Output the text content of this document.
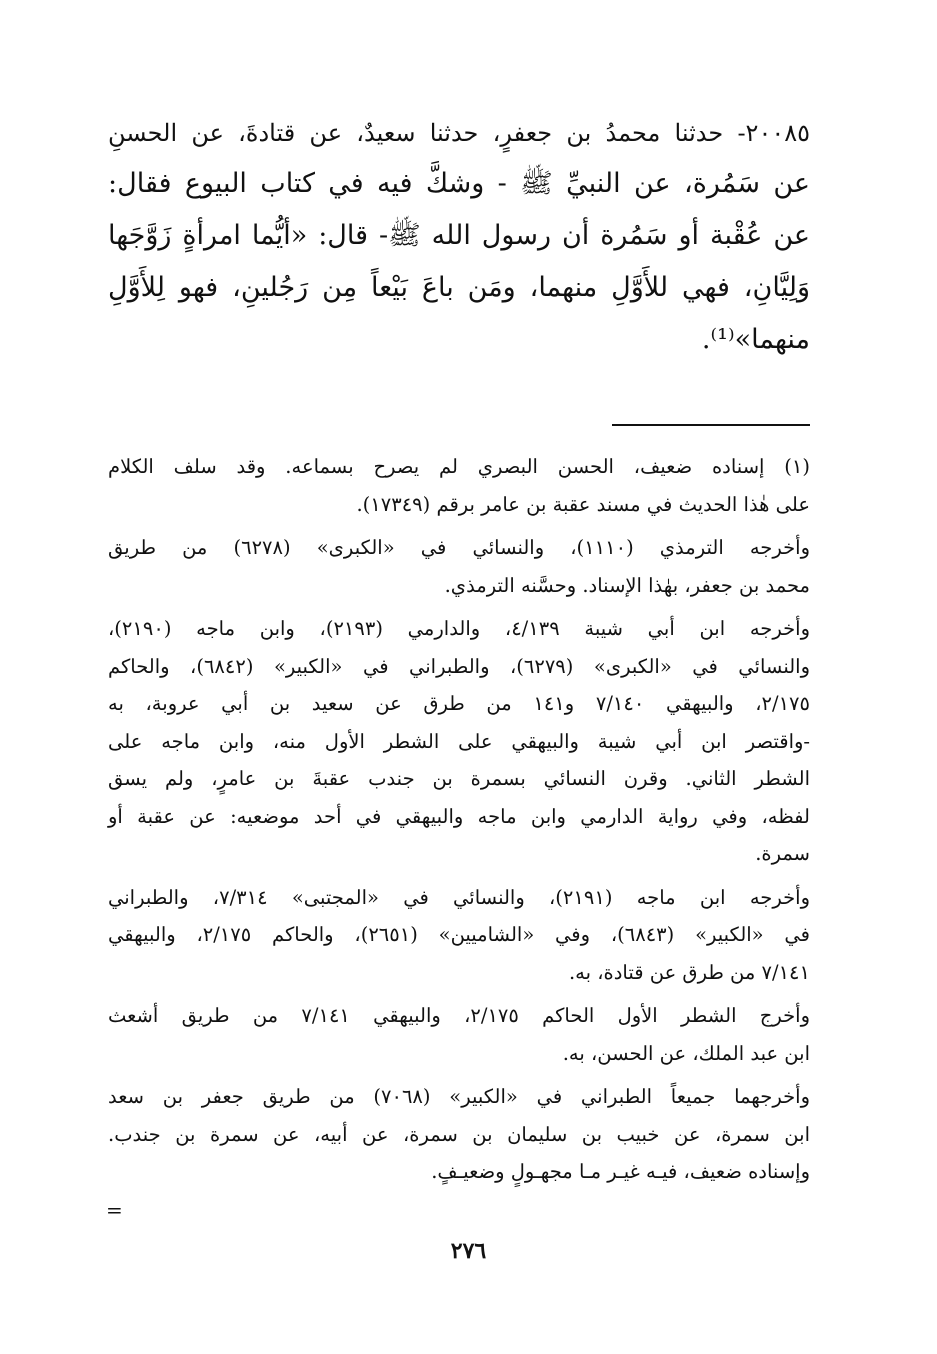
٢٠٠٨٥- حدثنا محمدُ بن جعفرٍ، حدثنا سعيدٌ، عن قتادةَ، عن الحسنِ
عن سَمُرة، عن النبيِّ ﷺ - وشكَّ فيه في كتاب البيوع فقال:
عن عُقْبة أو سَمُرة أن رسول الله ﷺ- قال: «أيُّما امرأةٍ زَوَّجَها
وَلِيَّانِ، فهي للأَوَّلِ منهما، ومَن باعَ بَيْعاً مِن رَجُلينِ، فهو لِلأَوَّلِ
منهما»⁽¹⁾.
(١) إسناده ضعيف، الحسن البصري لم يصرح بسماعه. وقد سلف الكلام
على هٰذا الحديث في مسند عقبة بن عامر برقم (١٧٣٤٩).
وأخرجه الترمذي (١١١٠)، والنسائي في «الكبرى» (٦٢٧٨) من طريق
محمد بن جعفر، بهٰذا الإسناد. وحسَّنه الترمذي.
وأخرجه ابن أبي شيبة ٤/١٣٩، والدارمي (٢١٩٣)، وابن ماجه (٢١٩٠)،
والنسائي في «الكبرى» (٦٢٧٩)، والطبراني في «الكبير» (٦٨٤٢)، والحاكم
٢/١٧٥، والبيهقي ٧/١٤٠ و١٤١ من طرق عن سعيد بن أبي عروبة، به
-واقتصر ابن أبي شيبة والبيهقي على الشطر الأول منه، وابن ماجه على
الشطر الثاني. وقرن النسائي بسمرة بن جندب عقبةَ بن عامرٍ، ولم يسق
لفظه، وفي رواية الدارمي وابن ماجه والبيهقي في أحد موضعيه: عن عقبة أو
سمرة.
وأخرجه ابن ماجه (٢١٩١)، والنسائي في «المجتبى» ٧/٣١٤، والطبراني
في «الكبير» (٦٨٤٣)، وفي «الشاميين» (٢٦٥١)، والحاكم ٢/١٧٥، والبيهقي
٧/١٤١ من طرق عن قتادة، به.
وأخرج الشطر الأول الحاكم ٢/١٧٥، والبيهقي ٧/١٤١ من طريق أشعث
ابن عبد الملك، عن الحسن، به.
وأخرجهما جميعاً الطبراني في «الكبير» (٧٠٦٨) من طريق جعفر بن سعد
ابن سمرة، عن خبيب بن سليمان بن سمرة، عن أبيه، عن سمرة بن جندب.
وإسناده ضعيف، فيـه غيـر مـا مجهـولٍ وضعيـفٍ.
=
٢٧٦
